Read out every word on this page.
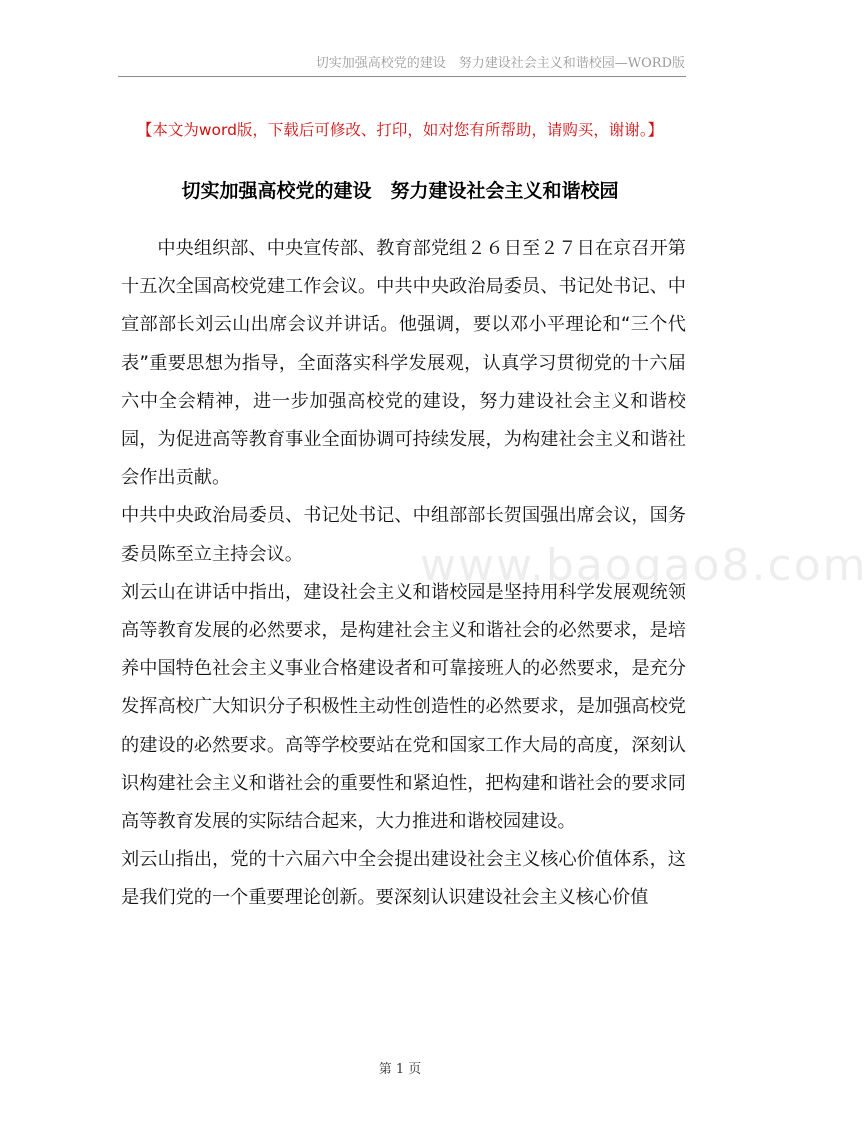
切实加强高校党的建设　努力建设社会主义和谐校园—WORD版
【本文为word版，下载后可修改、打印，如对您有所帮助，请购买，谢谢。】
切实加强高校党的建设　努力建设社会主义和谐校园

中央组织部、中央宣传部、教育部党组２６日至２７日在京召开第十五次全国高校党建工作会议。中共中央政治局委员、书记处书记、中宣部部长刘云山出席会议并讲话。他强调，要以邓小平理论和“三个代表”重要思想为指导，全面落实科学发展观，认真学习贯彻党的十六届六中全会精神，进一步加强高校党的建设，努力建设社会主义和谐校园，为促进高等教育事业全面协调可持续发展，为构建社会主义和谐社会作出贡献。

中共中央政治局委员、书记处书记、中组部部长贺国强出席会议，国务委员陈至立主持会议。

刘云山在讲话中指出，建设社会主义和谐校园是坚持用科学发展观统领高等教育发展的必然要求，是构建社会主义和谐社会的必然要求，是培养中国特色社会主义事业合格建设者和可靠接班人的必然要求，是充分发挥高校广大知识分子积极性主动性创造性的必然要求，是加强高校党的建设的必然要求。高等学校要站在党和国家工作大局的高度，深刻认识构建社会主义和谐社会的重要性和紧迫性，把构建和谐社会的要求同高等教育发展的实际结合起来，大力推进和谐校园建设。

刘云山指出，党的十六届六中全会提出建设社会主义核心价值体系，这是我们党的一个重要理论创新。要深刻认识建设社会主义核心价值

www.baogao8.com
第 1 页
